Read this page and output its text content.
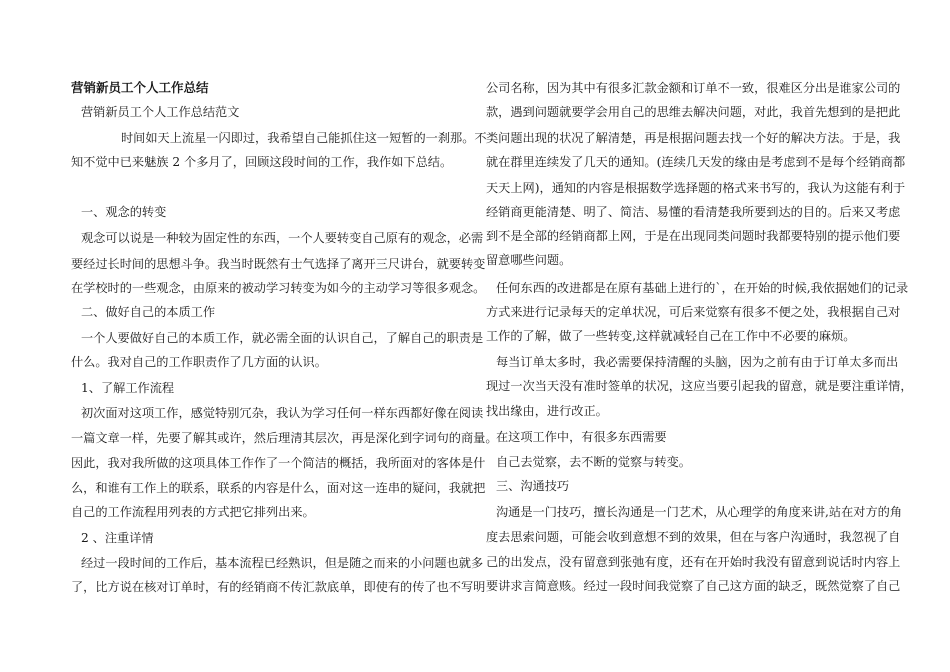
营销新员工个人工作总结
营销新员工个人工作总结范文
时间如天上流星一闪即过，我希望自己能抓住这一短暂的一刹那。不
知不觉中已来魅族 2 个多月了，回顾这段时间的工作，我作如下总结。
一、观念的转变
观念可以说是一种较为固定性的东西，一个人要转变自己原有的观念，必需
要经过长时间的思想斗争。我当时既然有士气选择了离开三尺讲台，就要转变
在学校时的一些观念，由原来的被动学习转变为如今的主动学习等很多观念。
二、做好自己的本质工作
一个人要做好自己的本质工作，就必需全面的认识自己，了解自己的职责是
什么。我对自己的工作职责作了几方面的认识。
1、了解工作流程
初次面对这项工作，感觉特别冗杂，我认为学习任何一样东西都好像在阅读
一篇文章一样，先要了解其或许，然后理清其层次，再是深化到字词句的商量。
因此，我对我所做的这项具体工作作了一个简洁的概括，我所面对的客体是什
么，和谁有工作上的联系，联系的内容是什么，面对这一连串的疑问，我就把
自己的工作流程用列表的方式把它排列出来。
2 、注重详情
经过一段时间的工作后，基本流程已经熟识，但是随之而来的小问题也就多
了，比方说在核对订单时，有的经销商不传汇款底单，即使有的传了也不写明
公司名称，因为其中有很多汇款金额和订单不一致，很难区分出是谁家公司的
款，遇到问题就要学会用自己的思维去解决问题，对此，我首先想到的是把此
类问题出现的状况了解清楚，再是根据问题去找一个好的解决方法。于是，我
就在群里连续发了几天的通知。(连续几天发的缘由是考虑到不是每个经销商都
天天上网)，通知的内容是根据数学选择题的格式来书写的，我认为这能有利于
经销商更能清楚、明了、简洁、易懂的看清楚我所要到达的目的。后来又考虑
到不是全部的经销商都上网，于是在出现同类问题时我都要特别的提示他们要
留意哪些问题。
任何东西的改进都是在原有基础上进行的`，在开始的时候,我依据她们的记录
方式来进行记录每天的定单状况，可后来觉察有很多不便之处，我根据自己对
工作的了解，做了一些转变,这样就减轻自己在工作中不必要的麻烦。
每当订单太多时，我必需要保持清醒的头脑，因为之前有由于订单太多而出
现过一次当天没有准时签单的状况，这应当要引起我的留意，就是要注重详情，
找出缘由，进行改正。
在这项工作中，有很多东西需要
自己去觉察，去不断的觉察与转变。
三、沟通技巧
沟通是一门技巧，擅长沟通是一门艺术，从心理学的角度来讲,站在对方的角
度去思索问题，可能会收到意想不到的效果，但在与客户沟通时，我忽视了自
己的出发点，没有留意到张弛有度，还有在开始时我没有留意到说话时内容上
要讲求言简意赅。经过一段时间我觉察了自己这方面的缺乏，既然觉察了自己
